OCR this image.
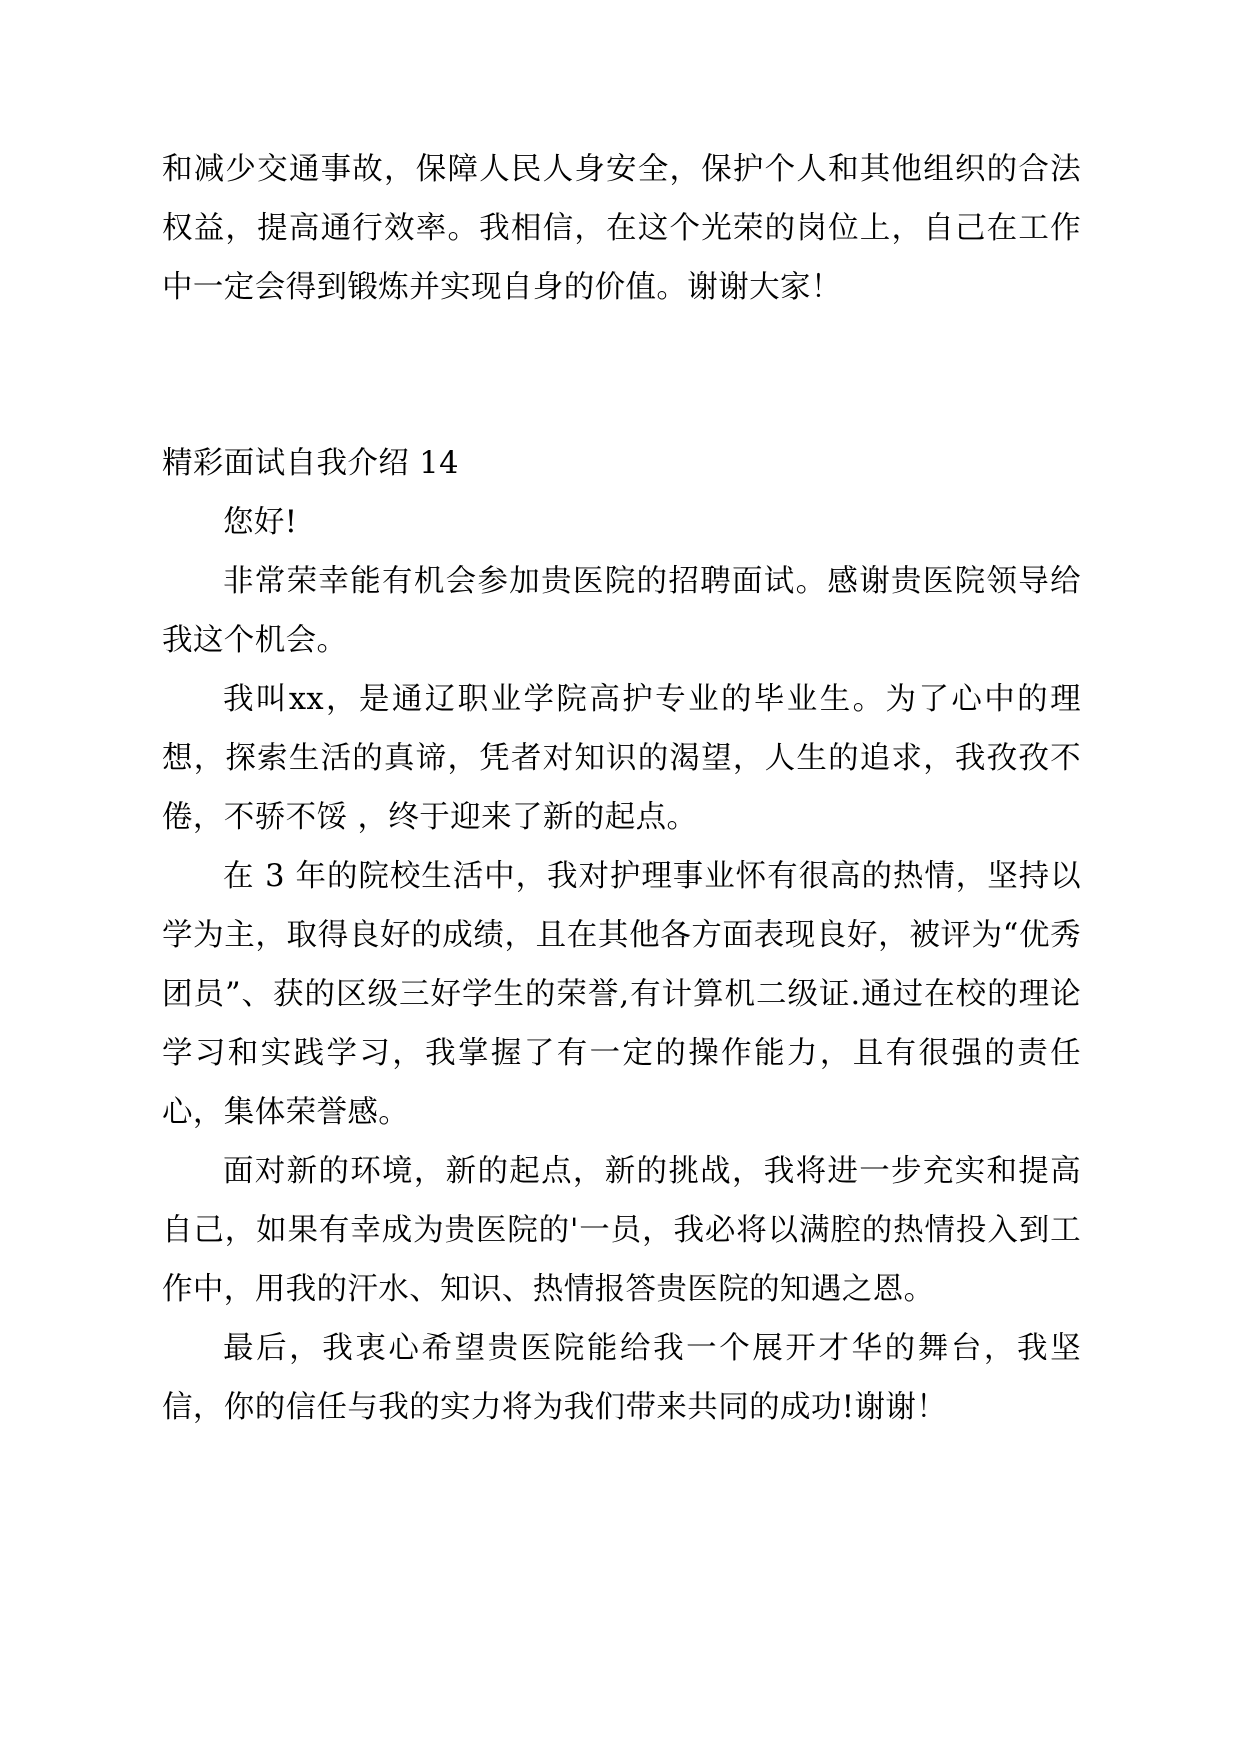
和减少交通事故，保障人民人身安全，保护个人和其他组织的合法权益，提高通行效率。我相信，在这个光荣的岗位上，自己在工作中一定会得到锻炼并实现自身的价值。谢谢大家！

精彩面试自我介绍 14

您好!

非常荣幸能有机会参加贵医院的招聘面试。感谢贵医院领导给我这个机会。

我叫xx，是通辽职业学院高护专业的毕业生。为了心中的理想，探索生活的真谛，凭者对知识的渴望，人生的追求，我孜孜不倦，不骄不馁 ，终于迎来了新的起点。

在 3 年的院校生活中，我对护理事业怀有很高的热情，坚持以学为主，取得良好的成绩，且在其他各方面表现良好，被评为“优秀团员”、获的区级三好学生的荣誉,有计算机二级证.通过在校的理论学习和实践学习，我掌握了有一定的操作能力，且有很强的责任心，集体荣誉感。

面对新的环境，新的起点，新的挑战，我将进一步充实和提高自己，如果有幸成为贵医院的'一员，我必将以满腔的热情投入到工作中，用我的汗水、知识、热情报答贵医院的知遇之恩。

最后，我衷心希望贵医院能给我一个展开才华的舞台，我坚信，你的信任与我的实力将为我们带来共同的成功!谢谢！
